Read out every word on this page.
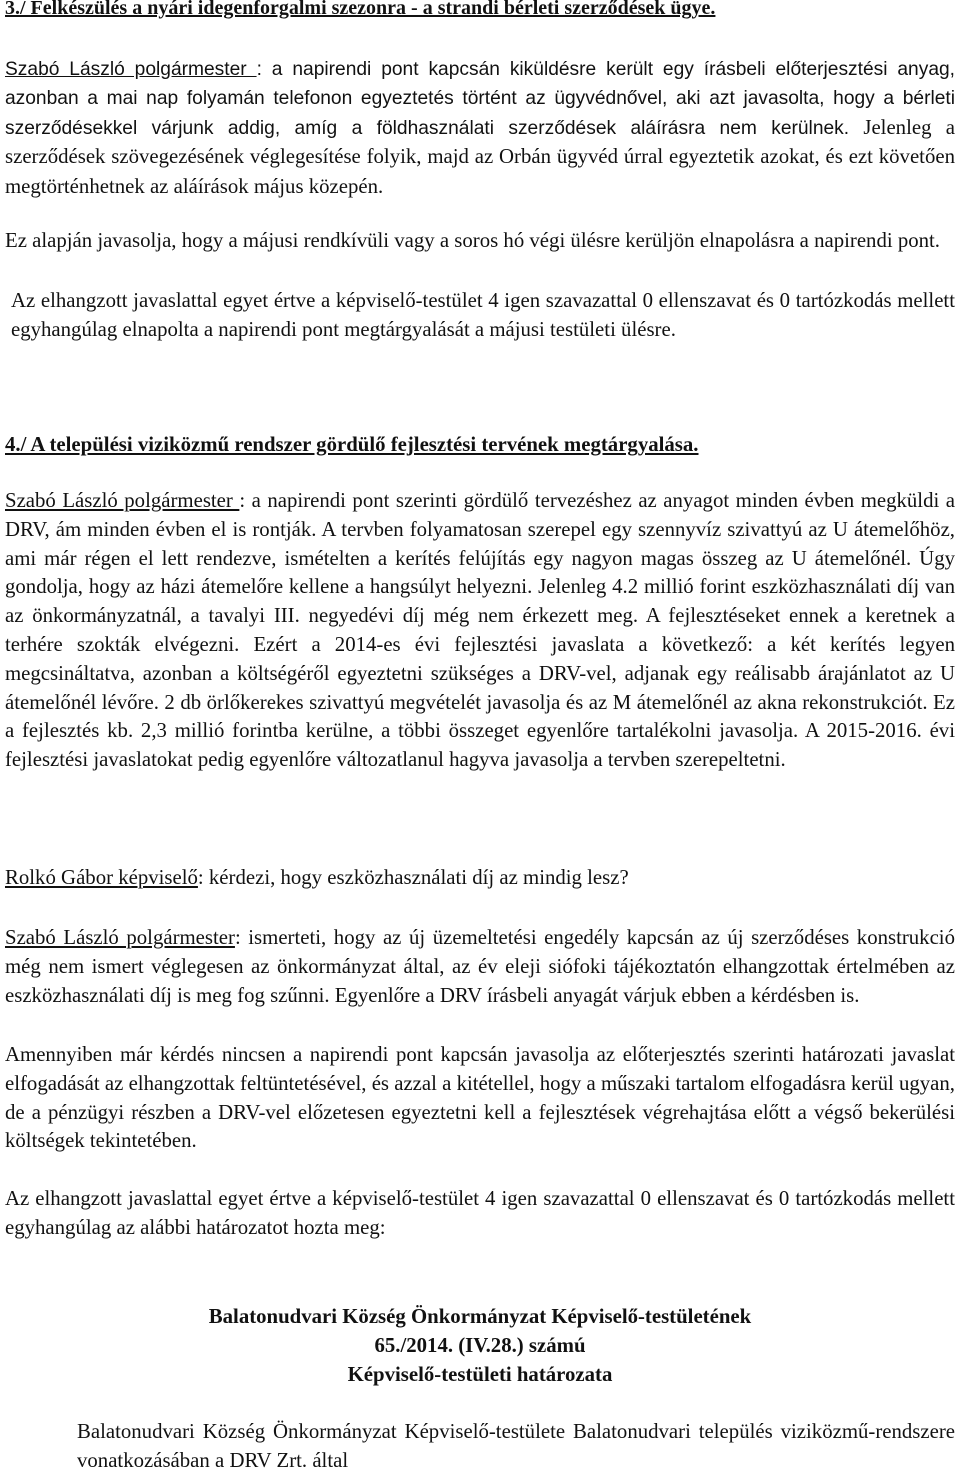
3./ Felkészülés a nyári idegenforgalmi szezonra - a strandi bérleti szerződések ügye.

Szabó László polgármester : a napirendi pont kapcsán kiküldésre került egy írásbeli előterjesztési anyag, azonban a mai nap folyamán telefonon egyeztetés történt az ügyvédnővel, aki azt javasolta, hogy a bérleti szerződésekkel várjunk addig, amíg a földhasználati szerződések aláírásra nem kerülnek. Jelenleg a szerződések szövegezésének véglegesítése folyik, majd az Orbán ügyvéd úrral egyeztetik azokat, és ezt követően megtörténhetnek az aláírások május közepén.

Ez alapján javasolja, hogy a májusi rendkívüli vagy a soros hó végi ülésre kerüljön elnapolásra a napirendi pont.

Az elhangzott javaslattal egyet értve a képviselő-testület 4 igen szavazattal 0 ellenszavat és 0 tartózkodás mellett egyhangúlag elnapolta a napirendi pont megtárgyalását a májusi testületi ülésre.

4./ A települési viziközmű rendszer gördülő fejlesztési tervének megtárgyalása.

Szabó László polgármester : a napirendi pont szerinti gördülő tervezéshez az anyagot minden évben megküldi a DRV, ám minden évben el is rontják. A tervben folyamatosan szerepel egy szennyvíz szivattyú az U átemelőhöz, ami már régen el lett rendezve, ismételten a kerítés felújítás egy nagyon magas összeg az U átemelőnél. Úgy gondolja, hogy az házi átemelőre kellene a hangsúlyt helyezni. Jelenleg 4.2 millió forint eszközhasználati díj van az önkormányzatnál, a tavalyi III. negyedévi díj még nem érkezett meg. A fejlesztéseket ennek a keretnek a terhére szokták elvégezni. Ezért a 2014-es évi fejlesztési javaslata a következő: a két kerítés legyen megcsináltatva, azonban a költségéről egyeztetni szükséges a DRV-vel, adjanak egy reálisabb árajánlatot az U átemelőnél lévőre. 2 db örlőkerekes szivattyú megvételét javasolja és az M átemelőnél az akna rekonstrukciót. Ez a fejlesztés kb. 2,3 millió forintba kerülne, a többi összeget egyenlőre tartalékolni javasolja. A 2015-2016. évi fejlesztési javaslatokat pedig egyenlőre változatlanul hagyva javasolja a tervben szerepeltetni.

Rolkó Gábor képviselő: kérdezi, hogy eszközhasználati díj az mindig lesz?

Szabó László polgármester: ismerteti, hogy az új üzemeltetési engedély kapcsán az új szerződéses konstrukció még nem ismert véglegesen az önkormányzat által, az év eleji siófoki tájékoztatón elhangzottak értelmében az eszközhasználati díj is meg fog szűnni. Egyenlőre a DRV írásbeli anyagát várjuk ebben a kérdésben is.

Amennyiben már kérdés nincsen a napirendi pont kapcsán javasolja az előterjesztés szerinti határozati javaslat elfogadását az elhangzottak feltüntetésével, és azzal a kitétellel, hogy a műszaki tartalom elfogadásra kerül ugyan, de a pénzügyi részben a DRV-vel előzetesen egyeztetni kell a fejlesztések végrehajtása előtt a végső bekerülési költségek tekintetében.

Az elhangzott javaslattal egyet értve a képviselő-testület 4 igen szavazattal 0 ellenszavat és 0 tartózkodás mellett egyhangúlag az alábbi határozatot hozta meg:

Balatonudvari Község Önkormányzat Képviselő-testületének
65./2014. (IV.28.) számú
Képviselő-testületi határozata

Balatonudvari Község Önkormányzat Képviselő-testülete Balatonudvari település viziközmű-rendszere vonatkozásában a DRV Zrt. által
